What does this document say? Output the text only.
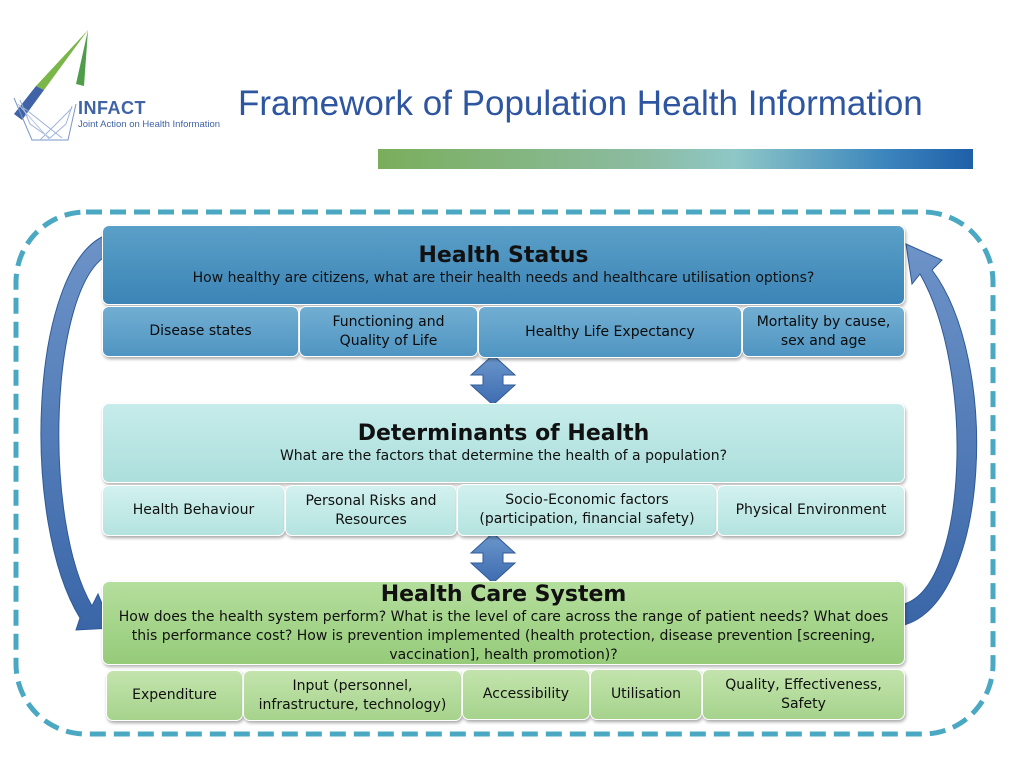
INFACT
Joint Action on Health Information
Framework of Population Health Information
Health Status
How healthy are citizens, what are their health needs and healthcare utilisation options?
Disease states
Functioning and
Quality of Life
Healthy Life Expectancy
Mortality by cause,
sex and age
Determinants of Health
What are the factors that determine the health of a population?
Health Behaviour
Personal Risks and
Resources
Socio-Economic factors
(participation, financial safety)
Physical Environment
Health Care System
How does the health system perform? What is the level of care across the range of patient needs? What does this performance cost? How is prevention implemented (health protection, disease prevention [screening, vaccination], health promotion)?
Expenditure
Input (personnel,
infrastructure, technology)
Accessibility	Utilisation
Quality, Effectiveness,
Safety
